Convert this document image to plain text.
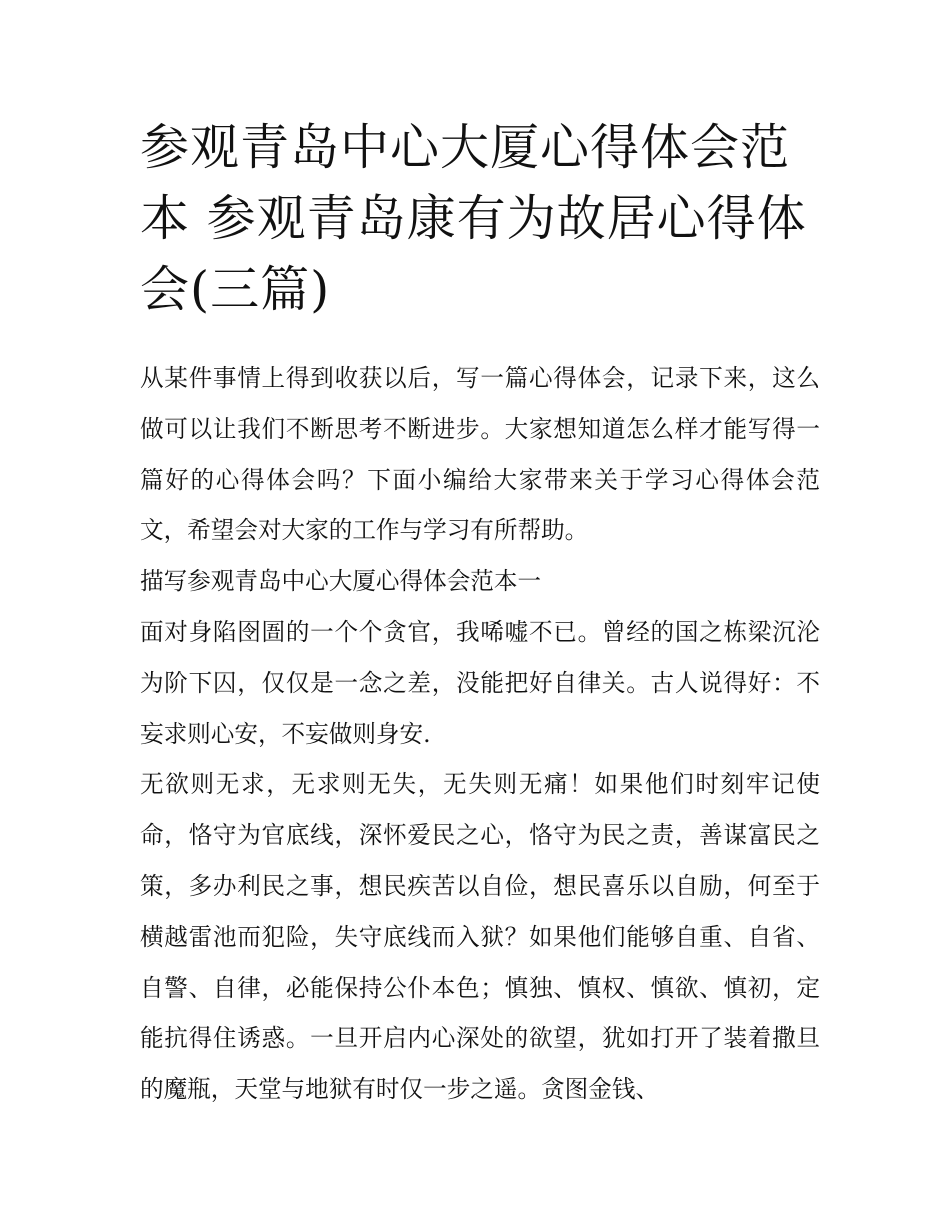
参观青岛中心大厦心得体会范本 参观青岛康有为故居心得体会(三篇)

从某件事情上得到收获以后，写一篇心得体会，记录下来，这么做可以让我们不断思考不断进步。大家想知道怎么样才能写得一篇好的心得体会吗？下面小编给大家带来关于学习心得体会范文，希望会对大家的工作与学习有所帮助。

描写参观青岛中心大厦心得体会范本一

面对身陷囹圄的一个个贪官，我唏嘘不已。曾经的国之栋梁沉沦为阶下囚，仅仅是一念之差，没能把好自律关。古人说得好：不妄求则心安，不妄做则身安.

无欲则无求，无求则无失，无失则无痛！如果他们时刻牢记使命，恪守为官底线，深怀爱民之心，恪守为民之责，善谋富民之策，多办利民之事，想民疾苦以自俭，想民喜乐以自励，何至于横越雷池而犯险，失守底线而入狱？如果他们能够自重、自省、自警、自律，必能保持公仆本色；慎独、慎权、慎欲、慎初，定能抗得住诱惑。一旦开启内心深处的欲望，犹如打开了装着撒旦的魔瓶，天堂与地狱有时仅一步之遥。贪图金钱、
